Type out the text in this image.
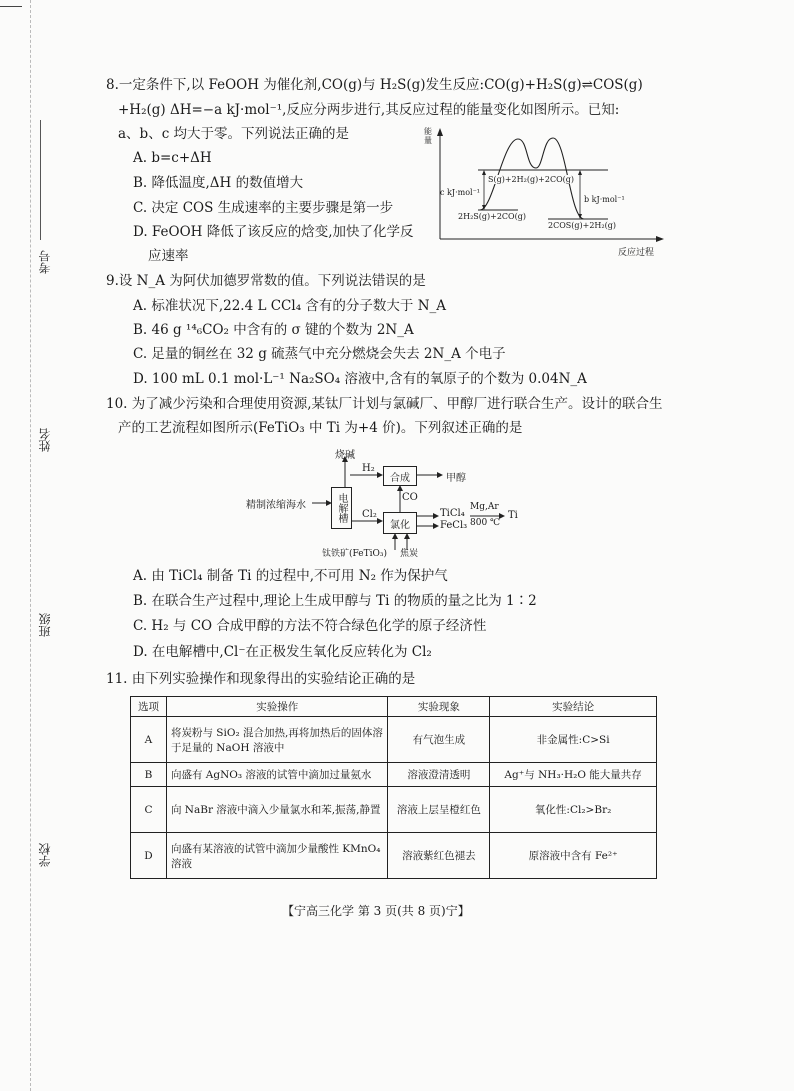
考号
姓名
班级
学校
8.一定条件下,以 FeOOH 为催化剂,CO(g)与 H₂S(g)发生反应:CO(g)+H₂S(g)⇌COS(g)
+H₂(g) ΔH=−a kJ·mol⁻¹,反应分两步进行,其反应过程的能量变化如图所示。已知:
a、b、c 均大于零。下列说法正确的是
A. b=c+ΔH
B. 降低温度,ΔH 的数值增大
C. 决定 COS 生成速率的主要步骤是第一步
D. FeOOH 降低了该反应的焓变,加快了化学反
应速率
能量
S(g)+2H₂(g)+2CO(g)
2H₂S(g)+2CO(g)
2COS(g)+2H₂(g)
c kJ·mol⁻¹
b kJ·mol⁻¹
反应过程
9.设 N_A 为阿伏加德罗常数的值。下列说法错误的是
A. 标准状况下,22.4 L CCl₄ 含有的分子数大于 N_A
B. 46 g ¹⁴₆CO₂ 中含有的 σ 键的个数为 2N_A
C. 足量的铜丝在 32 g 硫蒸气中充分燃烧会失去 2N_A 个电子
D. 100 mL 0.1 mol·L⁻¹ Na₂SO₄ 溶液中,含有的氧原子的个数为 0.04N_A
10. 为了减少污染和合理使用资源,某钛厂计划与氯碱厂、甲醇厂进行联合生产。设计的联合生
产的工艺流程如图所示(FeTiO₃ 中 Ti 为+4 价)。下列叙述正确的是
精制浓缩海水	电解槽
烧碱
H₂
Cl₂
合成	甲醇
CO
氯化
TiCl₄
FeCl₃
Mg,Ar
800 ℃
Ti
钛铁矿(FeTiO₃) 焦炭
A. 由 TiCl₄ 制备 Ti 的过程中,不可用 N₂ 作为保护气
B. 在联合生产过程中,理论上生成甲醇与 Ti 的物质的量之比为 1∶2
C. H₂ 与 CO 合成甲醇的方法不符合绿色化学的原子经济性
D. 在电解槽中,Cl⁻在正极发生氧化反应转化为 Cl₂
11. 由下列实验操作和现象得出的实验结论正确的是
选项	实验操作	实验现象	实验结论
A	将炭粉与 SiO₂ 混合加热,再将加热后的固体溶于足量的 NaOH 溶液中	有气泡生成	非金属性:C>Si
B	向盛有 AgNO₃ 溶液的试管中滴加过量氨水	溶液澄清透明	Ag⁺与 NH₃·H₂O 能大量共存
C	向 NaBr 溶液中滴入少量氯水和苯,振荡,静置	溶液上层呈橙红色	氧化性:Cl₂>Br₂
D	向盛有某溶液的试管中滴加少量酸性 KMnO₄ 溶液	溶液紫红色褪去	原溶液中含有 Fe²⁺
【宁高三化学 第 3 页(共 8 页)宁】
